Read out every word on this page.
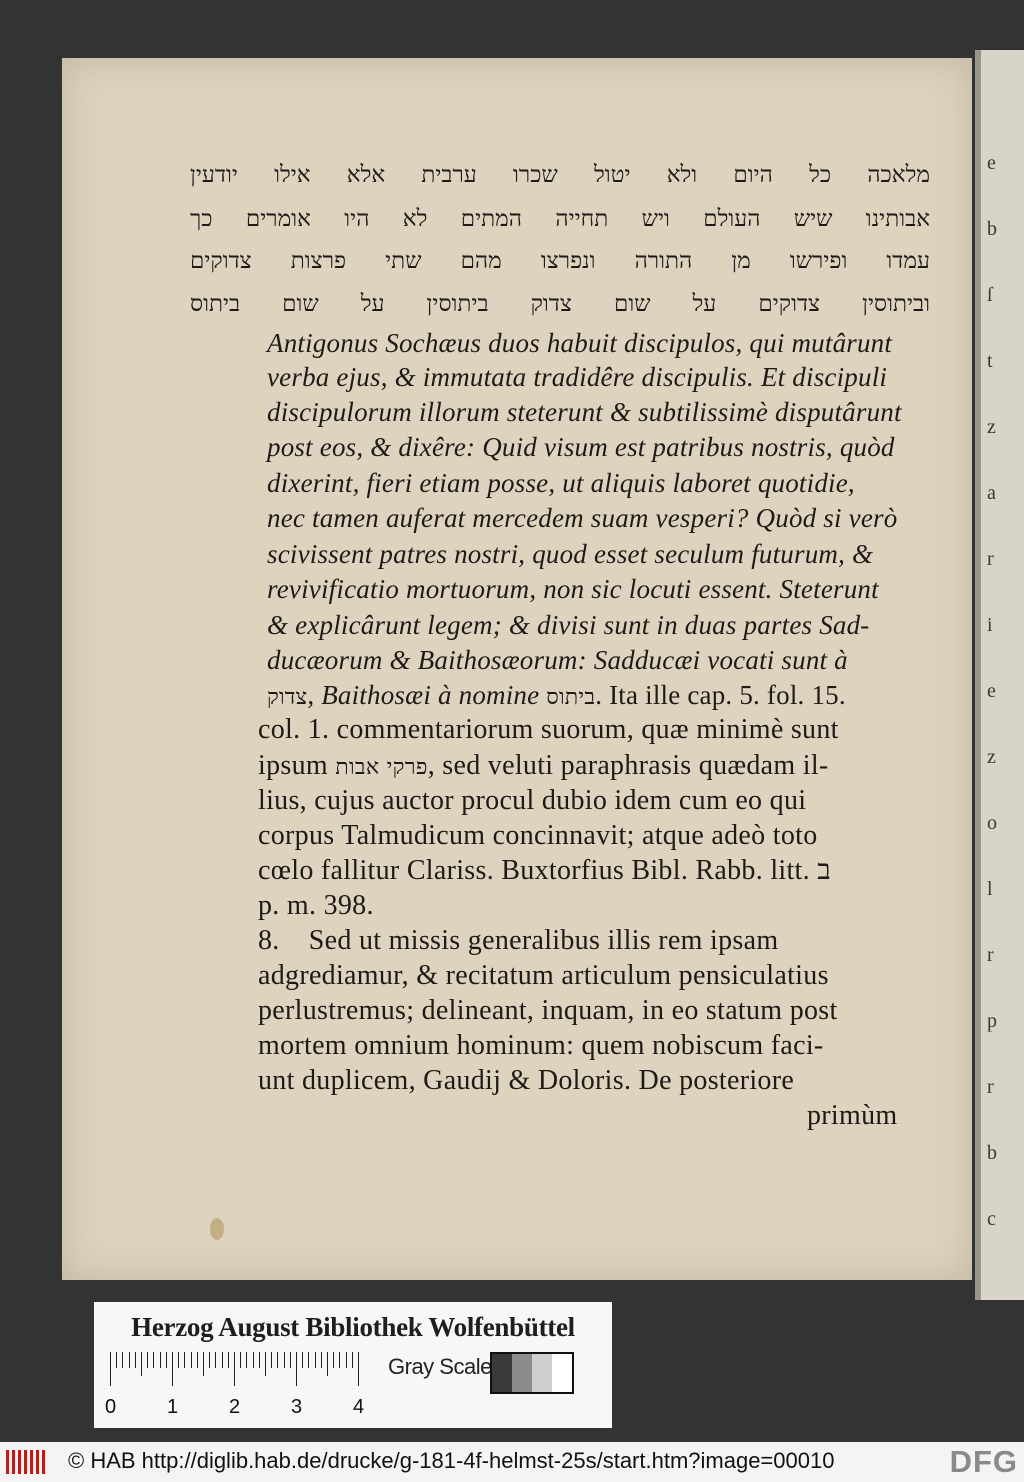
e
b
ſ
t
z
a
r
i
e
z
o
l
r
p
r
b
c
מלאכה כל היום ולא יטול שכרו ערבית אלא אילו יודעין
אבותינו שיש העולם ויש תחייה המתים לא היו אומרים כך
עמדו ופירשו מן התורה ונפרצו מהם שתי פרצות צדוקים
וביתוסין צדוקים על שום צדוק ביתוסין על שום ביתוס
Antigonus Sochæus duos habuit discipulos, qui mutârunt
verba ejus, & immutata tradidêre discipulis. Et discipuli
discipulorum illorum steterunt & subtilissimè disputârunt
post eos, & dixêre: Quid visum est patribus nostris, quòd
dixerint, fieri etiam posse, ut aliquis laboret quotidie,
nec tamen auferat mercedem suam vesperi? Quòd si verò
scivissent patres nostri, quod esset seculum futurum, &
revivificatio mortuorum, non sic locuti essent. Steterunt
& explicârunt legem; & divisi sunt in duas partes Sad-
ducæorum & Baithosæorum: Sadducæi vocati sunt à
צדוק, Baithosæi à nomine ביתוס. Ita ille cap. 5. fol. 15.
col. 1. commentariorum suorum, quæ minimè sunt
ipsum פרקי אבות, sed veluti paraphrasis quædam il-
lius, cujus auctor procul dubio idem cum eo qui
corpus Talmudicum concinnavit; atque adeò toto
cœlo fallitur Clariss. Buxtorfius Bibl. Rabb. litt. ב
p. m. 398.
8.    Sed ut missis generalibus illis rem ipsam
adgrediamur, & recitatum articulum pensiculatius
perlustremus; delineant, inquam, in eo statum post
mortem omnium hominum: quem nobiscum faci-
unt duplicem, Gaudij & Doloris. De posteriore
primùm
Herzog August Bibliothek Wolfenbüttel
0	1	2	3	4
Gray Scale
© HAB http://diglib.hab.de/drucke/g-181-4f-helmst-25s/start.htm?image=00010	DFG
